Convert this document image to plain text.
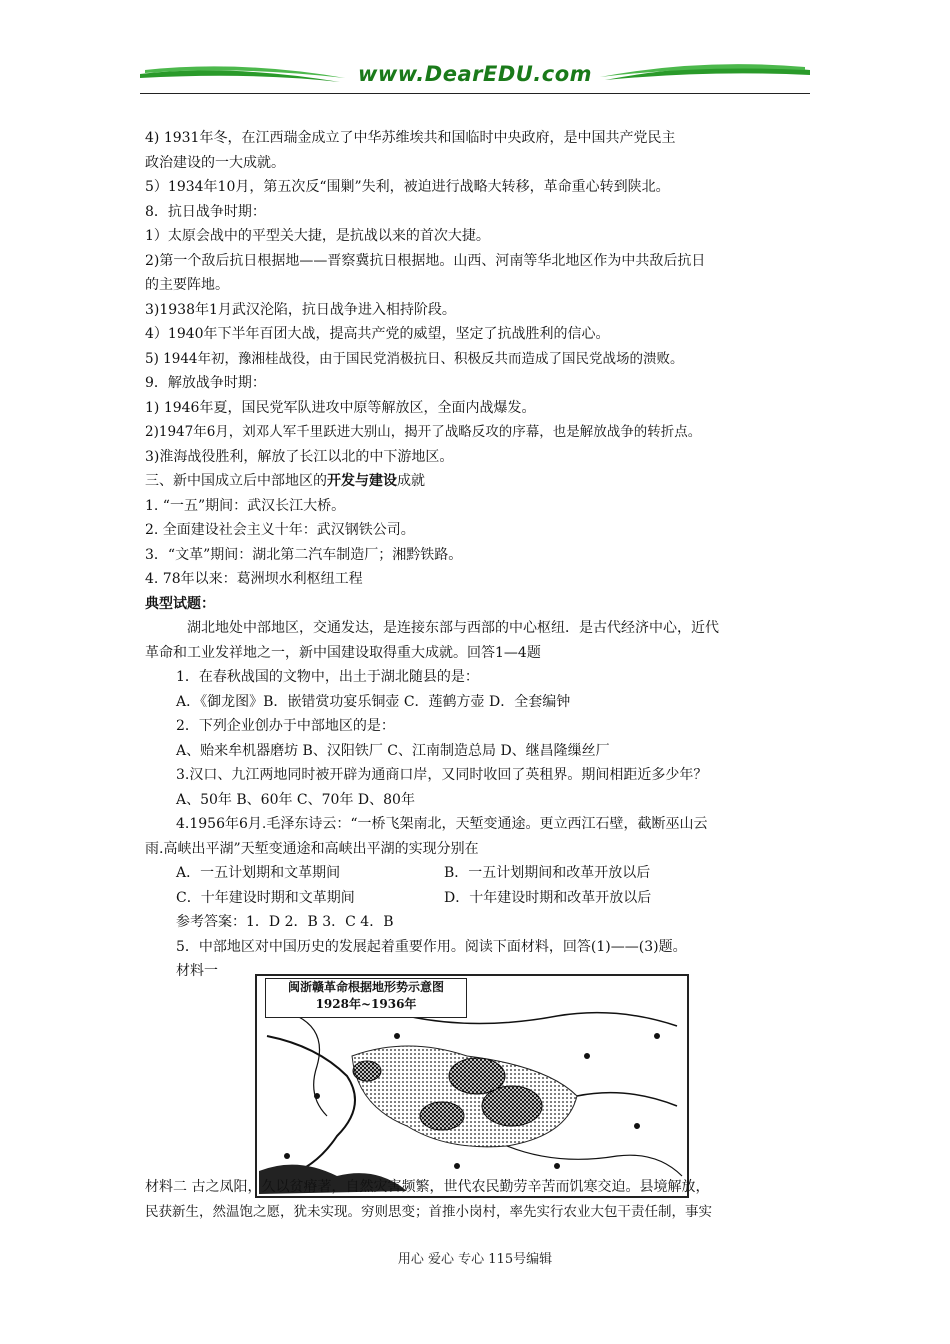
www.DearEDU.com
4) 1931年冬，在江西瑞金成立了中华苏维埃共和国临时中央政府，是中国共产党民主
政治建设的一大成就。
5）1934年10月，第五次反“围剿”失利，被迫进行战略大转移，革命重心转到陕北。
8．抗日战争时期：
1）太原会战中的平型关大捷，是抗战以来的首次大捷。
2)第一个敌后抗日根据地——晋察冀抗日根据地。山西、河南等华北地区作为中共敌后抗日
的主要阵地。
3)1938年1月武汉沦陷，抗日战争进入相持阶段。
4）1940年下半年百团大战，提高共产党的威望，坚定了抗战胜利的信心。
5) 1944年初，豫湘桂战役，由于国民党消极抗日、积极反共而造成了国民党战场的溃败。
9．解放战争时期：
1) 1946年夏，国民党军队进攻中原等解放区，全面内战爆发。
2)1947年6月，刘邓人军千里跃进大别山，揭开了战略反攻的序幕，也是解放战争的转折点。
3)淮海战役胜利，解放了长江以北的中下游地区。
三、新中国成立后中部地区的开发与建设成就
1. “一五”期间：武汉长江大桥。
2. 全面建设社会主义十年：武汉钢铁公司。
3．“文革”期间：湖北第二汽车制造厂；湘黔铁路。
4. 78年以来：葛洲坝水利枢纽工程
典型试题：
湖北地处中部地区，交通发达，是连接东部与西部的中心枢纽．是古代经济中心，近代
革命和工业发祥地之一，新中国建设取得重大成就。回答1—4题
1．在春秋战国的文物中，出土于湖北随县的是：
A．《御龙图》B．嵌错赏功宴乐铜壶 C．莲鹤方壶 D．全套编钟
2．下列企业创办于中部地区的是：
A、贻来牟机器磨坊 B、汉阳铁厂 C、江南制造总局 D、继昌隆缫丝厂
3.汉口、九江两地同时被开辟为通商口岸，又同时收回了英租界。期间相距近多少年？
A、50年 B、60年 C、70年 D、80年
4.1956年6月.毛泽东诗云：“一桥飞架南北，天堑变通途。更立西江石壁，截断巫山云
雨.高峡出平湖”天堑变通途和高峡出平湖的实现分别在
A．一五计划期和文革期间	B．一五计划期间和改革开放以后
C．十年建设时期和文革期间	D．十年建设时期和改革开放以后
参考答案：1．D 2．B 3．C 4．B
5．中部地区对中国历史的发展起着重要作用。阅读下面材料，回答(1)——(3)题。
材料一
闽浙赣革命根据地形势示意图
1928年~1936年
材料二 古之凤阳，久以贫瘠著，自然灾害频繁，世代农民勤劳辛苦而饥寒交迫。县境解放，
民获新生，然温饱之愿，犹未实现。穷则思变；首推小岗村，率先实行农业大包干责任制，事实
用心 爱心 专心 115号编辑
